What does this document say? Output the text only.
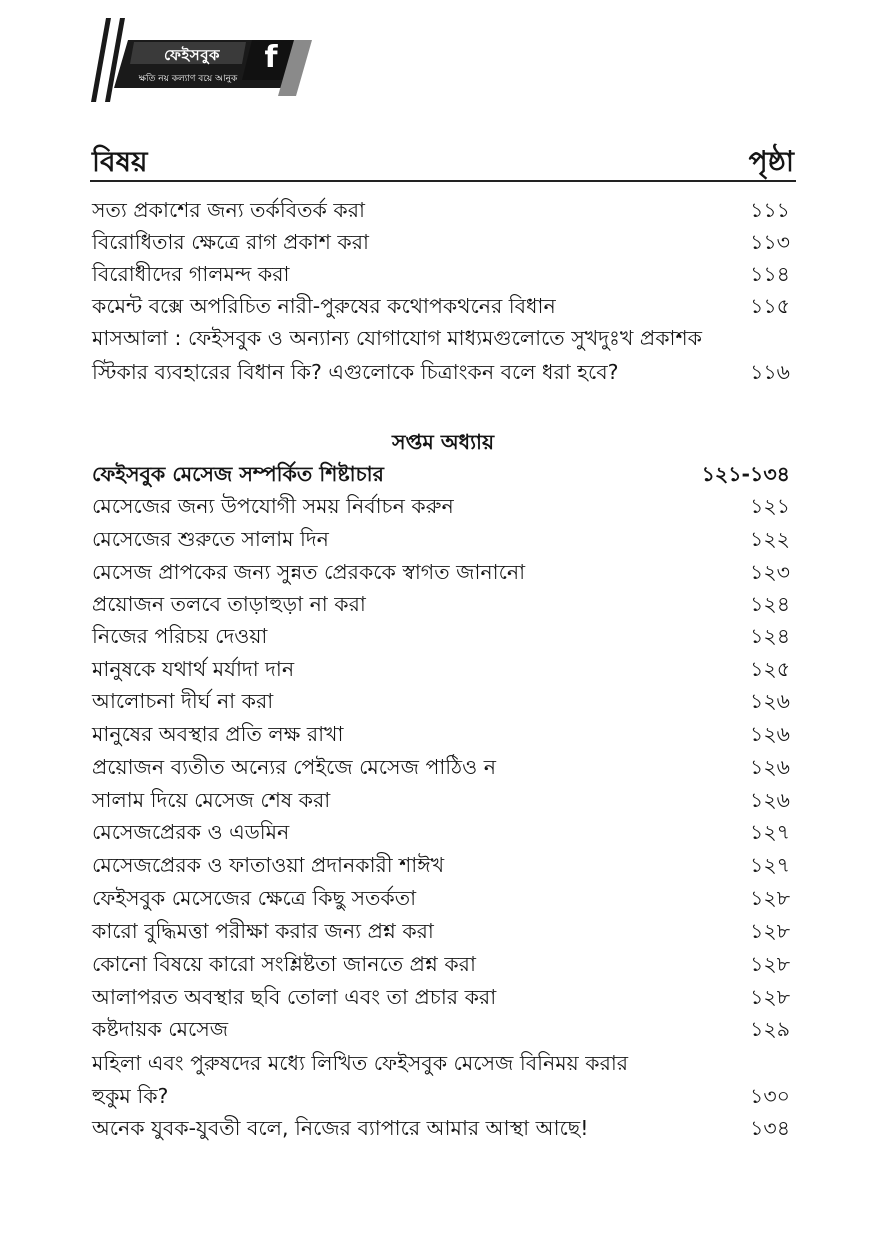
ফেইসবুক
ক্ষতি নয় কল্যাণ বয়ে আনুক
f
বিষয়	পৃষ্ঠা
সত্য প্রকাশের জন্য তর্কবিতর্ক করা	১১১
বিরোধিতার ক্ষেত্রে রাগ প্রকাশ করা	১১৩
বিরোধীদের গালমন্দ করা	১১৪
কমেন্ট বক্সে অপরিচিত নারী-পুরুষের কথোপকথনের বিধান	১১৫
মাসআলা : ফেইসবুক ও অন্যান্য যোগাযোগ মাধ্যমগুলোতে সুখদুঃখ প্রকাশক
স্টিকার ব্যবহারের বিধান কি? এগুলোকে চিত্রাংকন বলে ধরা হবে?	১১৬
সপ্তম অধ্যায়
ফেইসবুক মেসেজ সম্পর্কিত শিষ্টাচার	১২১-১৩৪
মেসেজের জন্য উপযোগী সময় নির্বাচন করুন	১২১
মেসেজের শুরুতে সালাম দিন	১২২
মেসেজ প্রাপকের জন্য সুন্নত প্রেরককে স্বাগত জানানো	১২৩
প্রয়োজন তলবে তাড়াহুড়া না করা	১২৪
নিজের পরিচয় দেওয়া	১২৪
মানুষকে যথার্থ মর্যাদা দান	১২৫
আলোচনা দীর্ঘ না করা	১২৬
মানুষের অবস্থার প্রতি লক্ষ রাখা	১২৬
প্রয়োজন ব্যতীত অন্যের পেইজে মেসেজ পাঠিও ন	১২৬
সালাম দিয়ে মেসেজ শেষ করা	১২৬
মেসেজপ্রেরক ও এডমিন	১২৭
মেসেজপ্রেরক ও ফাতাওয়া প্রদানকারী শাঈখ	১২৭
ফেইসবুক মেসেজের ক্ষেত্রে কিছু সতর্কতা	১২৮
কারো বুদ্ধিমত্তা পরীক্ষা করার জন্য প্রশ্ন করা	১২৮
কোনো বিষয়ে কারো সংশ্লিষ্টতা জানতে প্রশ্ন করা	১২৮
আলাপরত অবস্থার ছবি তোলা এবং তা প্রচার করা	১২৮
কষ্টদায়ক মেসেজ	১২৯
মহিলা এবং পুরুষদের মধ্যে লিখিত ফেইসবুক মেসেজ বিনিময় করার
হুকুম কি?	১৩০
অনেক যুবক-যুবতী বলে, নিজের ব্যাপারে আমার আস্থা আছে!	১৩৪
